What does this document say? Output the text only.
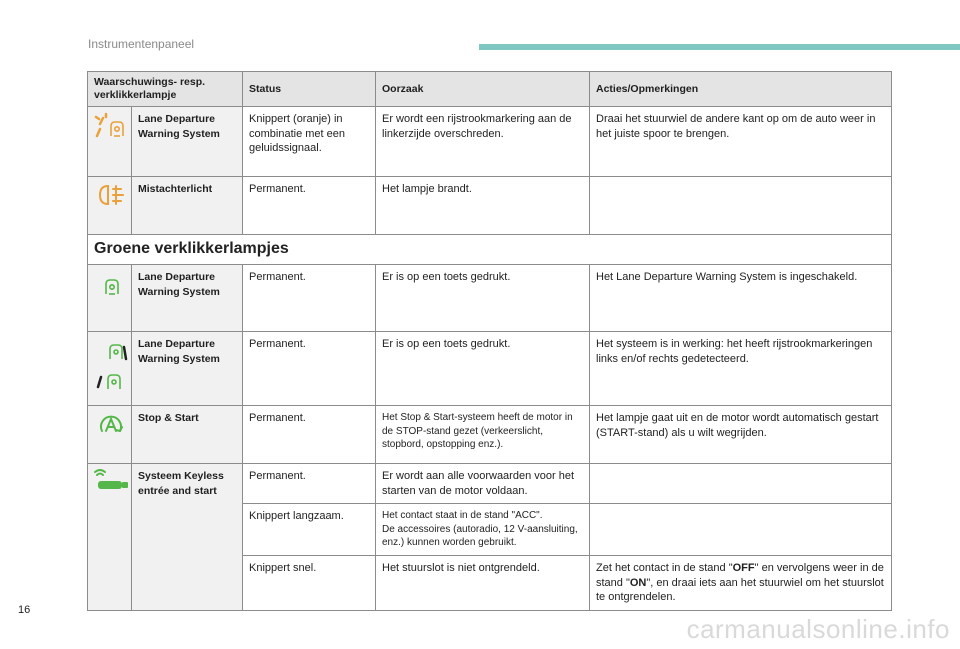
Instrumentenpaneel
Waarschuwings- resp. verklikkerlampje		Status	Oorzaak	Acties/Opmerkingen

	Lane Departure Warning System	Knippert (oranje) in combinatie met een geluidssignaal.	Er wordt een rijstrookmarkering aan de linkerzijde overschreden.	Draai het stuurwiel de andere kant op om de auto weer in het juiste spoor te brengen.

	Mistachterlicht	Permanent.	Het lampje brandt.	
Groene verklikkerlampjes				

	Lane Departure Warning System	Permanent.	Er is op een toets gedrukt.	Het Lane Departure Warning System is ingeschakeld.

	Lane Departure Warning System	Permanent.	Er is op een toets gedrukt.	Het systeem is in werking: het heeft rijstrookmarkeringen links en/of rechts gedetecteerd.

	Stop & Start	Permanent.	Het Stop & Start-systeem heeft de motor in de STOP-stand gezet (verkeerslicht, stopbord, opstopping enz.).	Het lampje gaat uit en de motor wordt automatisch gestart (START-stand) als u wilt wegrijden.

	Systeem Keyless entrée and start	Permanent.	Er wordt aan alle voorwaarden voor het starten van de motor voldaan.	
		Knippert langzaam.	Het contact staat in de stand "ACC".
De accessoires (autoradio, 12 V-aansluiting, enz.) kunnen worden gebruikt.	

		Knippert snel.	Het stuurslot is niet ontgrendeld.	Zet het contact in de stand "OFF" en vervolgens weer in de stand "ON", en draai iets aan het stuurwiel om het stuurslot te ontgrendelen.
16
carmanualsonline.info
